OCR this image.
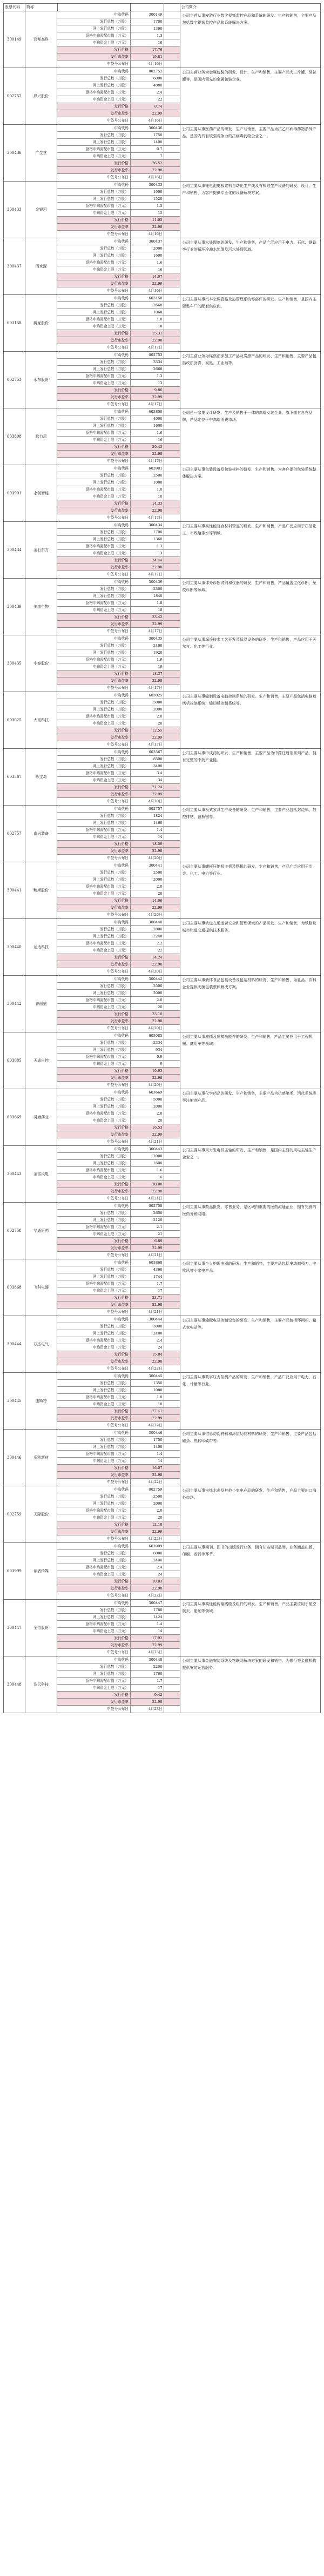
股票代码	简称	公司简介
300149	汉邦高科
申购代码	300149
发行总数（万股）	1700
网上发行总数（万股）	1360
顶格申购需配市值（万元）	1.3
申购资金上限（万元）	16
发行价格	17.76
发行市盈率	19.81
中签号公布日	4月16日
公司主营从事安防行业数字视频监控产品和系统的研发、生产和销售，主要产品包括数字视频监控产品和系统解决方案。
002752	昇兴股份
申购代码	002752
发行总数（万股）	6000
网上发行总数（万股）	4800
顶格申购需配市值（万元）	2.4
申购资金上限（万元）	22
发行价格	8.74
发行市盈率	22.99
中签号公布日	4月16日
公司主营业务为金属包装的研发、设计、生产和销售，主要产品为三片罐、易拉罐等，是国内领先的金属包装企业。
300436	广生堂
申购代码	300436
发行总数（万股）	1750
网上发行总数（万股）	1400
顶格申购需配市值（万元）	0.7
申购资金上限（万元）	7
发行价格	26.52
发行市盈率	22.98
中签号公布日	4月16日
公司主要从事医药产品的研发、生产与销售，主要产品为抗乙肝病毒药物系列产品，是国内具有较强竞争力的抗病毒药物企业之一。
300433	金银河
申购代码	300433
发行总数（万股）	1900
网上发行总数（万股）	1520
顶格申购需配市值（万元）	1.5
申购资金上限（万元）	15
发行价格	11.05
发行市盈率	22.98
中签号公布日	4月16日
公司主要从事锂电池电极浆料自动化生产线及有机硅生产设备的研发、设计、生产和销售，为客户提供专业化的设备解决方案。
300437	清水源
申购代码	300437
发行总数（万股）	2000
网上发行总数（万股）	1600
顶格申购需配市值（万元）	1.6
申购资金上限（万元）	16
发行价格	14.07
发行市盈率	22.99
中签号公布日	4月16日
公司主要从事水处理剂的研发、生产和销售，产品广泛应用于电力、石化、钢铁等行业的循环冷却水处理及污水处理领域。
603158	腾龙股份
申购代码	603158
发行总数（万股）	2668
网上发行总数（万股）	1068
顶格申购需配市值（万元）	1.0
申购资金上限（万元）	10
发行价格	15.31
发行市盈率	22.98
中签号公布日	4月17日
公司主要从事汽车空调管路及热管理系统零部件的研发、生产和销售，是国内主要整车厂的配套供应商。
002753	永东股份
申购代码	002753
发行总数（万股）	3334
网上发行总数（万股）	2668
顶格申购需配市值（万元）	1.3
申购资金上限（万元）	13
发行价格	9.86
发行市盈率	22.99
中签号公布日	4月17日
公司主营业务为煤焦油深加工产品及炭黑产品的研发、生产和销售，主要产品包括改质沥青、炭黑、工业萘等。
603808	歌力思
申购代码	603808
发行总数（万股）	4000
网上发行总数（万股）	1600
顶格申购需配市值（万元）	1.6
申购资金上限（万元）	16
发行价格	20.45
发行市盈率	22.98
中签号公布日	4月17日
公司是一家集设计研发、生产及销售于一体的高端女装企业，旗下拥有自有品牌，产品定位于中高端消费市场。
603901	永创智能
申购代码	603901
发行总数（万股）	2500
网上发行总数（万股）	1000
顶格申购需配市值（万元）	1.0
申购资金上限（万元）	10
发行价格	14.33
发行市盈率	22.98
中签号公布日	4月17日
公司主要从事包装设备及包装材料的研发、生产和销售，为客户提供包装系统整体解决方案。
300434	金石东方
申购代码	300434
发行总数（万股）	1700
网上发行总数（万股）	1360
顶格申购需配市值（万元）	1.3
申购资金上限（万元）	13
发行价格	24.44
发行市盈率	22.98
中签号公布日	4月17日
公司主要从事高性能复合材料管道的研发、生产和销售，产品广泛应用于石油化工、市政给排水等领域。
300439	美康生物
申购代码	300439
发行总数（万股）	2300
网上发行总数（万股）	1840
顶格申购需配市值（万元）	1.8
申购资金上限（万元）	18
发行价格	23.42
发行市盈率	22.99
中签号公布日	4月17日
公司主要从事体外诊断试剂和仪器的研发、生产和销售，产品覆盖生化诊断、免疫诊断等领域。
300435	中泰股份
申购代码	300435
发行总数（万股）	2400
网上发行总数（万股）	1920
顶格申购需配市值（万元）	1.9
申购资金上限（万元）	19
发行价格	18.37
发行市盈率	22.98
中签号公布日	4月17日
公司主要从事深冷技术工艺开发及低温设备的研发、生产和销售，产品应用于天然气、化工等行业。
603025	大豪科技
申购代码	603025
发行总数（万股）	5000
网上发行总数（万股）	2000
顶格申购需配市值（万元）	2.0
申购资金上限（万元）	20
发行价格	12.55
发行市盈率	22.99
中签号公布日	4月17日
公司主要从事缝制设备电脑控制系统的研发、生产和销售，主要产品包括电脑刺绣机控制系统、缝纫机控制系统等。
603567	珍宝岛
申购代码	603567
发行总数（万股）	8500
网上发行总数（万股）	3400
顶格申购需配市值（万元）	3.4
申购资金上限（万元）	34
发行价格	21.24
发行市盈率	22.99
中签号公布日	4月20日
公司主要从事中成药的研发、生产和销售，主要产品为中药注射剂系列产品，拥有完整的中药产业链。
002757	南兴装备
申购代码	002757
发行总数（万股）	1824
网上发行总数（万股）	1460
顶格申购需配市值（万元）	1.4
申购资金上限（万元）	14
发行价格	18.59
发行市盈率	22.98
中签号公布日	4月20日
公司主要从事板式家具生产设备的研发、生产和销售，主要产品包括封边机、数控排钻、裁板锯等。
300441	鲍斯股份
申购代码	300441
发行总数（万股）	2500
网上发行总数（万股）	2000
顶格申购需配市值（万元）	2.0
申购资金上限（万元）	20
发行价格	14.06
发行市盈率	22.99
中签号公布日	4月20日
公司主要从事螺杆压缩机主机及整机的研发、生产和销售，产品广泛应用于冶金、化工、电力等行业。
300440	运达科技
申购代码	300440
发行总数（万股）	2800
网上发行总数（万股）	2240
顶格申购需配市值（万元）	2.2
申购资金上限（万元）	22
发行价格	14.24
发行市盈率	22.98
中签号公布日	4月20日
公司主要从事轨道交通运营安全和管理领域的产品研发、生产和销售，为铁路及城市轨道交通提供技术服务。
300442	普丽盛
申购代码	300442
发行总数（万股）	2500
网上发行总数（万股）	2000
顶格申购需配市值（万元）	2.0
申购资金上限（万元）	20
发行价格	23.10
发行市盈率	22.98
中签号公布日	4月20日
公司主要从事液体食品包装设备及包装材料的研发、生产和销售，为乳品、饮料企业提供无菌包装整体解决方案。
603085	天成自控
申购代码	603085
发行总数（万股）	2334
网上发行总数（万股）	934
顶格申购需配市值（万元）	0.9
申购资金上限（万元）	9
发行价格	10.93
发行市盈率	22.98
中签号公布日	4月20日
公司主要从事座椅及座椅功能件的研发、生产和销售，产品主要应用于工程机械、商用车等领域。
603669	灵康药业
申购代码	603669
发行总数（万股）	5000
网上发行总数（万股）	2000
顶格申购需配市值（万元）	2.0
申购资金上限（万元）	20
发行价格	16.53
发行市盈率	22.99
中签号公布日	4月21日
公司主要从事化学药品的研发、生产和销售，主要产品为抗感染类、消化系统类等注射剂产品。
300443	金雷风电
申购代码	300443
发行总数（万股）	2000
网上发行总数（万股）	1600
顶格申购需配市值（万元）	1.6
申购资金上限（万元）	16
发行价格	28.08
发行市盈率	22.98
中签号公布日	4月21日
公司主要从事风力发电机主轴的研发、生产和销售，是国内主要的风电主轴生产企业之一。
002758	华通医药
申购代码	002758
发行总数（万股）	2650
网上发行总数（万股）	2120
顶格申购需配市值（万元）	2.1
申购资金上限（万元）	21
发行价格	6.89
发行市盈率	22.99
中签号公布日	4月21日
公司主要从事药品批发、零售业务，是区域内重要的医药流通企业，拥有完善的医药分销网络。
603868	飞科电器
申购代码	603868
发行总数（万股）	4360
网上发行总数（万股）	1744
顶格申购需配市值（万元）	1.7
申购资金上限（万元）	17
发行价格	23.71
发行市盈率	22.98
中签号公布日	4月21日
公司主要从事个人护理电器的研发、生产和销售，主要产品包括电动剃须刀、电吹风等小家电产品。
300444	双杰电气
申购代码	300444
发行总数（万股）	3000
网上发行总数（万股）	2400
顶格申购需配市值（万元）	2.4
申购资金上限（万元）	24
发行价格	15.84
发行市盈率	22.98
中签号公布日	4月22日
公司主要从事输配电及控制设备的研发、生产和销售，主要产品包括环网柜、箱式变电站等。
300445	康斯特
申购代码	300445
发行总数（万股）	1350
网上发行总数（万股）	1080
顶格申购需配市值（万元）	1.0
申购资金上限（万元）	10
发行价格	27.41
发行市盈率	22.99
中签号公布日	4月22日
公司主要从事数字压力检测产品的研发、生产和销售，产品广泛应用于电力、石化、计量等行业。
300446	乐凯新材
申购代码	300446
发行总数（万股）	1750
网上发行总数（万股）	1400
顶格申购需配市值（万元）	1.4
申购资金上限（万元）	14
发行价格	16.07
发行市盈率	22.98
中签号公布日	4月22日
公司主要从事信息防伪材料和涂层功能材料的研发、生产和销售，主要产品包括磁条、热转印碳带等。
002759	天际股份
申购代码	002759
发行总数（万股）	2500
网上发行总数（万股）	2000
顶格申购需配市值（万元）	2.0
申购资金上限（万元）	20
发行价格	12.18
发行市盈率	22.99
中签号公布日	4月22日
公司主要从事电热水壶及其他小家电产品的研发、生产和销售，产品主要出口海外市场。
603999	读者传媒
申购代码	603999
发行总数（万股）	6000
网上发行总数（万股）	2400
顶格申购需配市值（万元）	2.4
申购资金上限（万元）	24
发行价格	10.03
发行市盈率	22.98
中签号公布日	4月22日
公司主要从事期刊、图书的出版发行业务，拥有知名期刊品牌，业务涵盖出版、印刷、发行等环节。
300447	全信股份
申购代码	300447
发行总数（万股）	1780
网上发行总数（万股）	1424
顶格申购需配市值（万元）	1.4
申购资金上限（万元）	14
发行价格	17.92
发行市盈率	22.99
中签号公布日	4月23日
公司主要从事高性能传输线缆及组件的研发、生产和销售，产品主要应用于航空航天、船舶等领域。
300448	浩云科技
申购代码	300448
发行总数（万股）	2200
网上发行总数（万股）	1760
顶格申购需配市值（万元）	1.7
申购资金上限（万元）	17
发行价格	9.42
发行市盈率	22.98
中签号公布日	4月23日
公司主要从事金融安防系统及物联网解决方案的研发和销售，为银行等金融机构提供安防运营服务。
